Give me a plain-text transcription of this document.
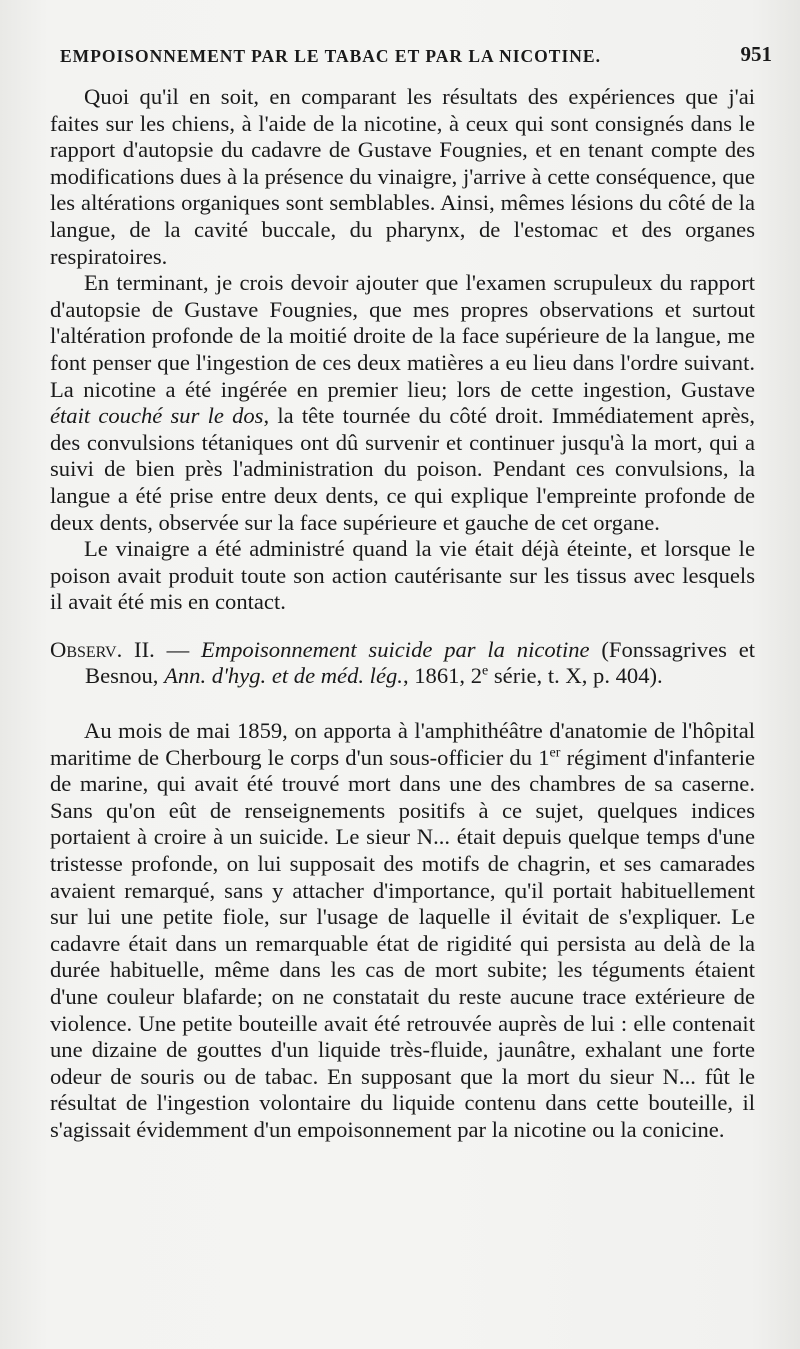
EMPOISONNEMENT PAR LE TABAC ET PAR LA NICOTINE.	951

Quoi qu'il en soit, en comparant les résultats des expériences que j'ai faites sur les chiens, à l'aide de la nicotine, à ceux qui sont consignés dans le rapport d'autopsie du cadavre de Gustave Fougnies, et en tenant compte des modifications dues à la présence du vinaigre, j'arrive à cette conséquence, que les altérations organiques sont semblables. Ainsi, mêmes lésions du côté de la langue, de la cavité buccale, du pharynx, de l'estomac et des organes respiratoires.

En terminant, je crois devoir ajouter que l'examen scrupuleux du rapport d'autopsie de Gustave Fougnies, que mes propres observations et surtout l'altération profonde de la moitié droite de la face supérieure de la langue, me font penser que l'ingestion de ces deux matières a eu lieu dans l'ordre suivant. La nicotine a été ingérée en premier lieu; lors de cette ingestion, Gustave était couché sur le dos, la tête tournée du côté droit. Immédiatement après, des convulsions tétaniques ont dû survenir et continuer jusqu'à la mort, qui a suivi de bien près l'administration du poison. Pendant ces convulsions, la langue a été prise entre deux dents, ce qui explique l'empreinte profonde de deux dents, observée sur la face supérieure et gauche de cet organe.

Le vinaigre a été administré quand la vie était déjà éteinte, et lorsque le poison avait produit toute son action cautérisante sur les tissus avec lesquels il avait été mis en contact.

Observ. II. — Empoisonnement suicide par la nicotine (Fonssagrives et Besnou, Ann. d'hyg. et de méd. lég., 1861, 2e série, t. X, p. 404).

Au mois de mai 1859, on apporta à l'amphithéâtre d'anatomie de l'hôpital maritime de Cherbourg le corps d'un sous-officier du 1er régiment d'infanterie de marine, qui avait été trouvé mort dans une des chambres de sa caserne. Sans qu'on eût de renseignements positifs à ce sujet, quelques indices portaient à croire à un suicide. Le sieur N... était depuis quelque temps d'une tristesse profonde, on lui supposait des motifs de chagrin, et ses camarades avaient remarqué, sans y attacher d'importance, qu'il portait habituellement sur lui une petite fiole, sur l'usage de laquelle il évitait de s'expliquer. Le cadavre était dans un remarquable état de rigidité qui persista au delà de la durée habituelle, même dans les cas de mort subite; les téguments étaient d'une couleur blafarde; on ne constatait du reste aucune trace extérieure de violence. Une petite bouteille avait été retrouvée auprès de lui : elle contenait une dizaine de gouttes d'un liquide très-fluide, jaunâtre, exhalant une forte odeur de souris ou de tabac. En supposant que la mort du sieur N... fût le résultat de l'ingestion volontaire du liquide contenu dans cette bouteille, il s'agissait évidemment d'un empoisonnement par la nicotine ou la conicine.
